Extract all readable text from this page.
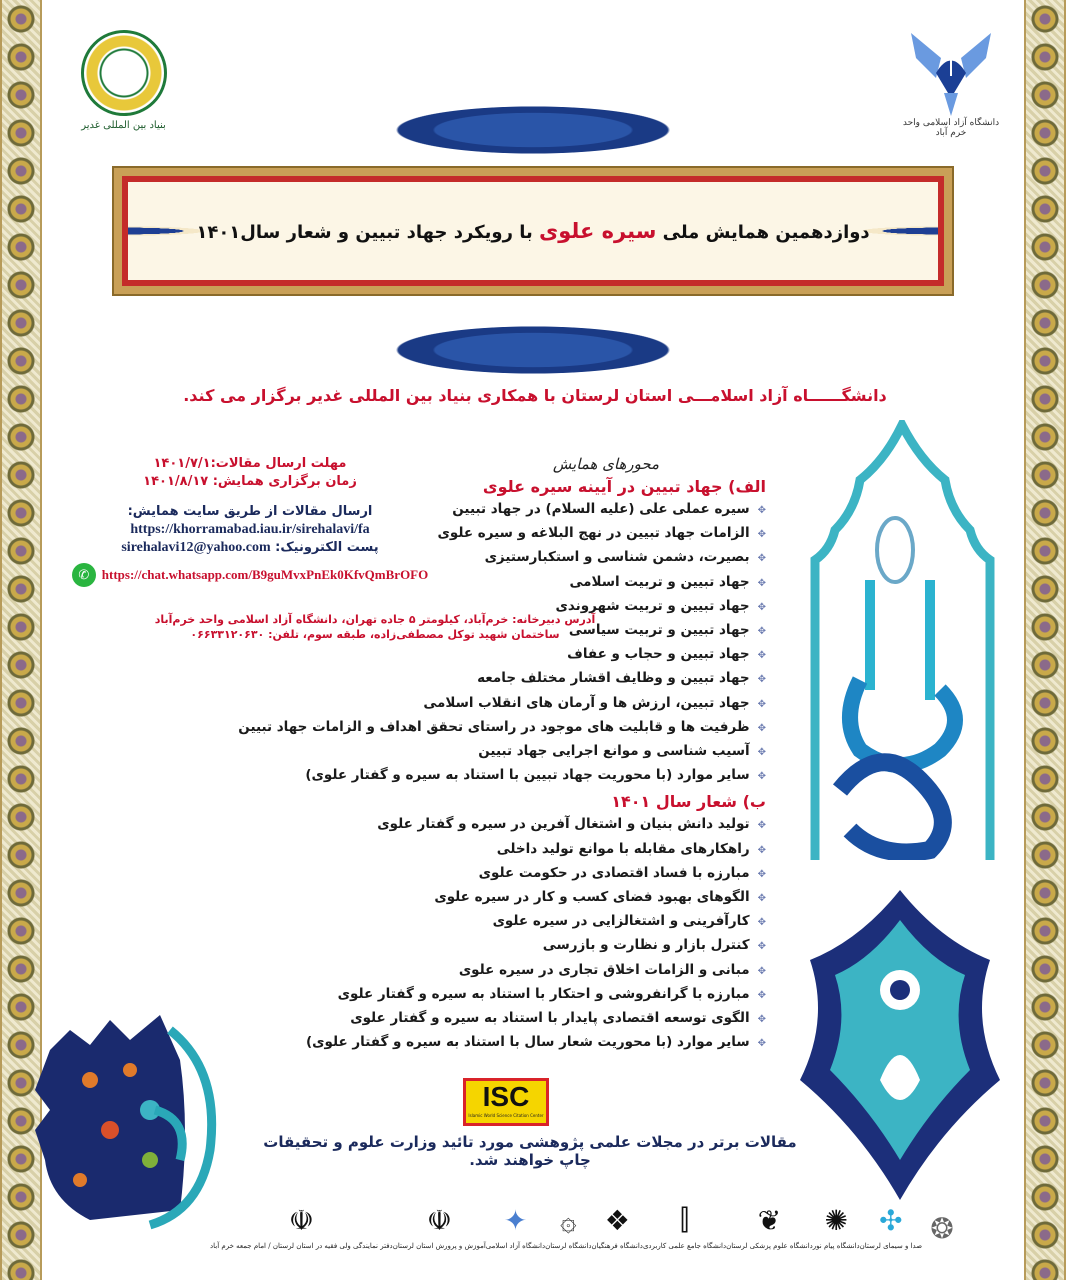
بنیاد بین المللی غدیر	دانشگاه آزاد اسلامی واحد خرم آباد
دوازدهمین همایش ملی سیره علوی با رویکرد جهاد تبیین و شعار سال۱۴۰۱
دانشگــــــاه آزاد اسلامـــی استان لرستان با همکاری بنیاد بین المللی غدیر برگزار می کند.
مهلت ارسال مقالات:۱۴۰۱/۷/۱
زمان برگزاری همایش: ۱۴۰۱/۸/۱۷
ارسال مقالات از طریق سایت همایش:
https://khorramabad.iau.ir/sirehalavi/fa
پست الکترونیک: sirehalavi12@yahoo.com
https://chat.whatsapp.com/B9guMvxPnEk0KfvQmBrOFO
✆
آدرس دبیرخانه: خرم‌آباد، کیلومتر ۵ جاده تهران، دانشگاه آزاد اسلامی واحد خرم‌آباد
ساختمان شهید توکل مصطفی‌زاده، طبقه سوم، تلفن: ۰۶۶۳۳۱۲۰۶۳۰
محورهای همایش
الف) جهاد تبیین در آیینه سیره علوی
✥سیره عملی علی (علیه السلام) در جهاد تبیین
✥الزامات جهاد تبیین در نهج البلاغه و سیره علوی
✥بصیرت، دشمن شناسی و استکبارستیزی
✥جهاد تبیین و تربیت اسلامی
✥جهاد تبیین و تربیت شهروندی
✥جهاد تبیین و تربیت سیاسی
✥جهاد تبیین و حجاب و عفاف
✥جهاد تبیین و وظایف اقشار مختلف جامعه
✥جهاد تبیین، ارزش ها و آرمان های انقلاب اسلامی
✥ظرفیت ها و قابلیت های موجود در راستای تحقق اهداف و الزامات جهاد تبیین
✥آسیب شناسی و موانع اجرایی جهاد تبیین
✥سایر موارد (با محوریت جهاد تبیین با استناد به سیره و گفتار علوی)
ب) شعار سال ۱۴۰۱
✥تولید دانش بنیان و اشتغال آفرین در سیره و گفتار علوی
✥راهکارهای مقابله با موانع تولید داخلی
✥مبارزه با فساد اقتصادی در حکومت علوی
✥الگوهای بهبود فضای کسب و کار در سیره علوی
✥کارآفرینی و اشتغالزایی در سیره علوی
✥کنترل بازار و نظارت و بازرسی
✥مبانی و الزامات اخلاق تجاری در سیره علوی
✥مبارزه با گرانفروشی و احتکار با استناد به سیره و گفتار علوی
✥الگوی توسعه اقتصادی پایدار با استناد به سیره و گفتار علوی
✥سایر موارد (با محوریت شعار سال با استناد به سیره و گفتار علوی)
ISC
Islamic World Science Citation Center
مقالات برتر در مجلات علمی پژوهشی مورد تائید وزارت علوم و تحقیقات چاپ خواهند شد.
☫
دفتر نمایندگی ولی فقیه در استان لرستان / امام جمعه خرم آباد
☫
آموزش و پرورش استان لرستان
✦
دانشگاه آزاد اسلامی
۞
دانشگاه لرستان
❖
دانشگاه فرهنگیان
⫿
دانشگاه جامع علمی کاربردی
❦
دانشگاه علوم پزشکی لرستان
✺
دانشگاه پیام نور
✣
صدا و سیمای لرستان
❂
